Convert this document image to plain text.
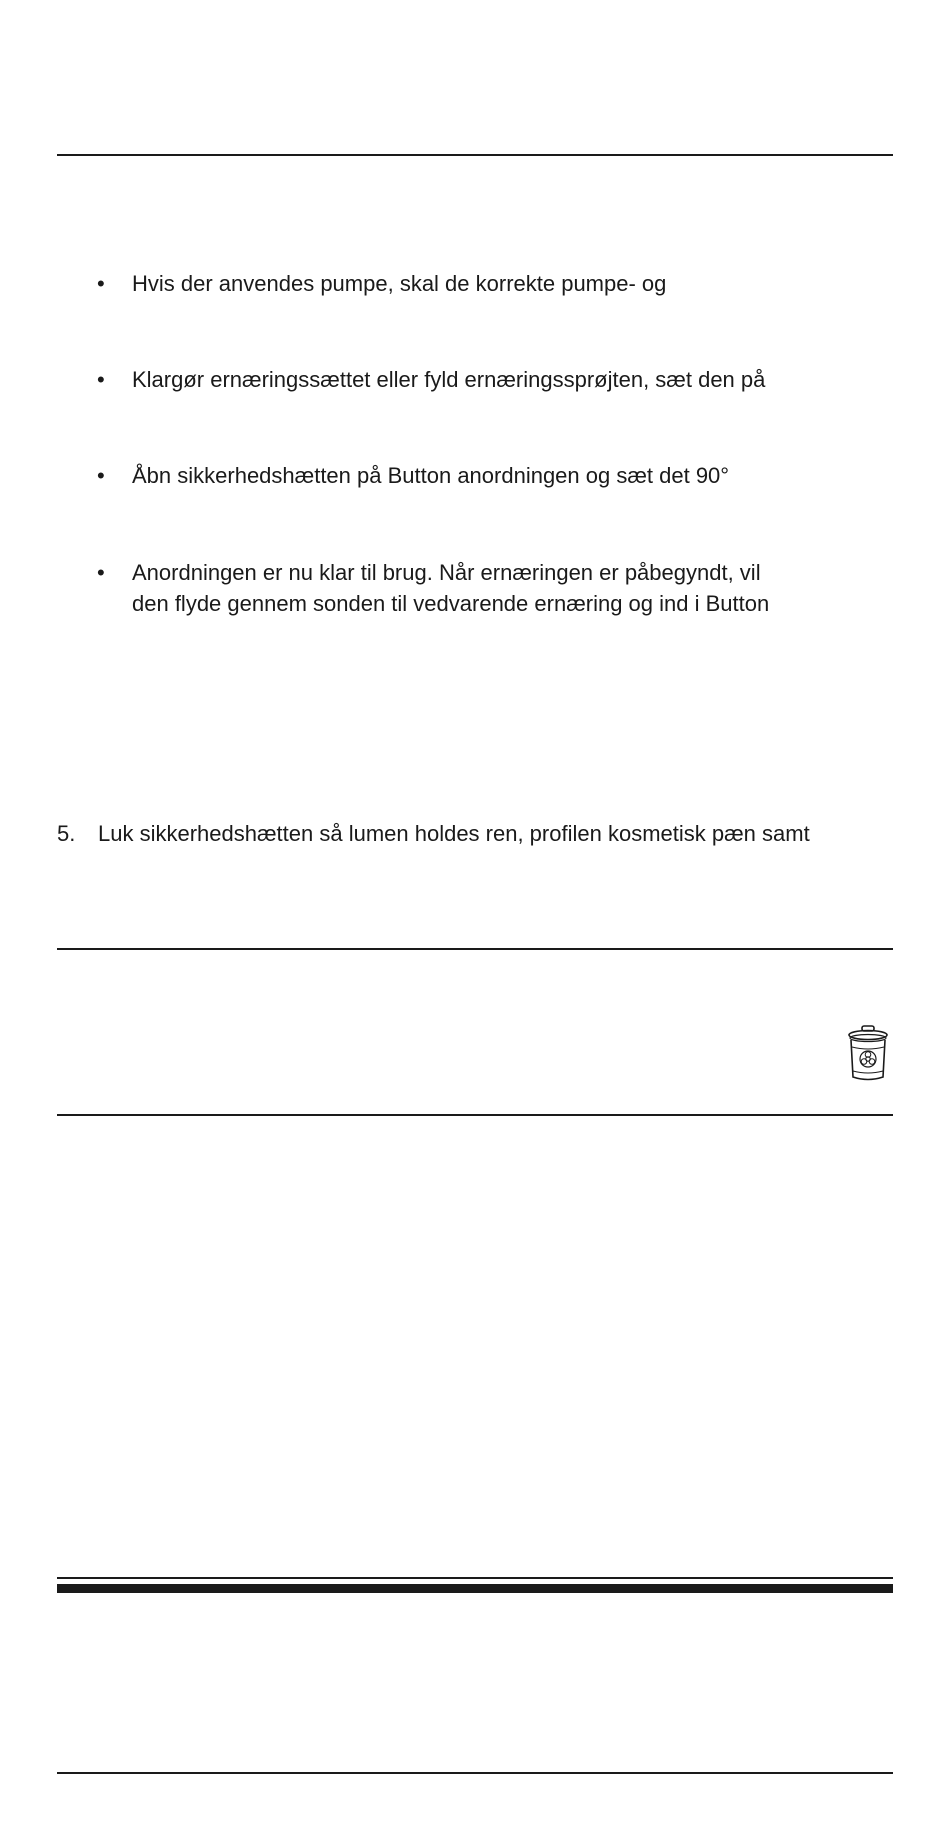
• Hvis der anvendes pumpe, skal de korrekte pumpe- og
• Klargør ernæringssættet eller fyld ernæringssprøjten, sæt den på
• Åbn sikkerhedshætten på Button anordningen og sæt det 90°
• Anordningen er nu klar til brug. Når ernæringen er påbegyndt, vil
den flyde gennem sonden til vedvarende ernæring og ind i Button
5. Luk sikkerhedshætten så lumen holdes ren, profilen kosmetisk pæn samt
